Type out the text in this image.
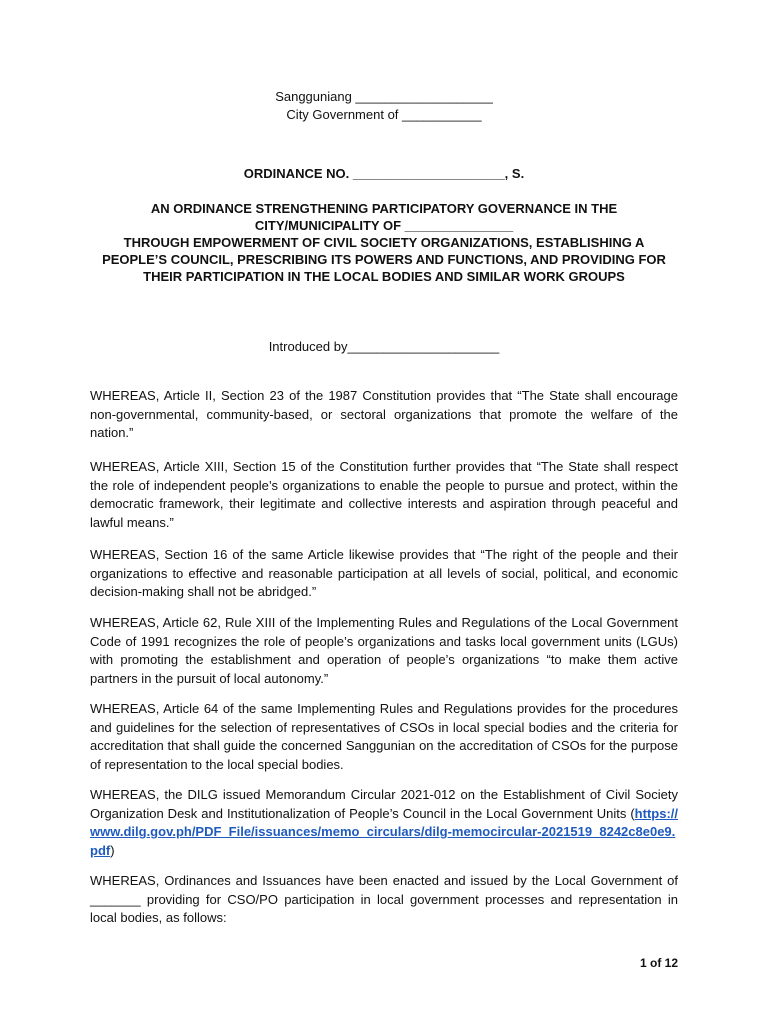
Sangguniang ___________________
City Government of ___________
ORDINANCE NO. _____________________, S.
AN ORDINANCE STRENGTHENING PARTICIPATORY GOVERNANCE IN THE
CITY/MUNICIPALITY OF _______________
THROUGH EMPOWERMENT OF CIVIL SOCIETY ORGANIZATIONS, ESTABLISHING A
PEOPLE’S COUNCIL, PRESCRIBING ITS POWERS AND FUNCTIONS, AND PROVIDING FOR
THEIR PARTICIPATION IN THE LOCAL BODIES AND SIMILAR WORK GROUPS
Introduced by_____________________
WHEREAS, Article II, Section 23 of the 1987 Constitution provides that “The State shall encourage non-governmental, community-based, or sectoral organizations that promote the welfare of the nation.”
WHEREAS, Article XIII, Section 15 of the Constitution further provides that “The State shall respect the role of independent people’s organizations to enable the people to pursue and protect, within the democratic framework, their legitimate and collective interests and aspiration through peaceful and lawful means.”
WHEREAS, Section 16 of the same Article likewise provides that “The right of the people and their organizations to effective and reasonable participation at all levels of social, political, and economic decision-making shall not be abridged.”
WHEREAS, Article 62, Rule XIII of the Implementing Rules and Regulations of the Local Government Code of 1991 recognizes the role of people’s organizations and tasks local government units (LGUs) with promoting the establishment and operation of people’s organizations “to make them active partners in the pursuit of local autonomy.”
WHEREAS, Article 64 of the same Implementing Rules and Regulations provides for the procedures and guidelines for the selection of representatives of CSOs in local special bodies and the criteria for accreditation that shall guide the concerned Sanggunian on the accreditation of CSOs for the purpose of representation to the local special bodies.
WHEREAS, the DILG issued Memorandum Circular 2021-012 on the Establishment of Civil Society Organization Desk and Institutionalization of People’s Council in the Local Government Units (https://www.dilg.gov.ph/PDF_File/issuances/memo_circulars/dilg-memocircular-2021519_8242c8e0e9.pdf)
WHEREAS, Ordinances and Issuances have been enacted and issued by the Local Government of _______ providing for CSO/PO participation in local government processes and representation in local bodies, as follows:
1 of 12
